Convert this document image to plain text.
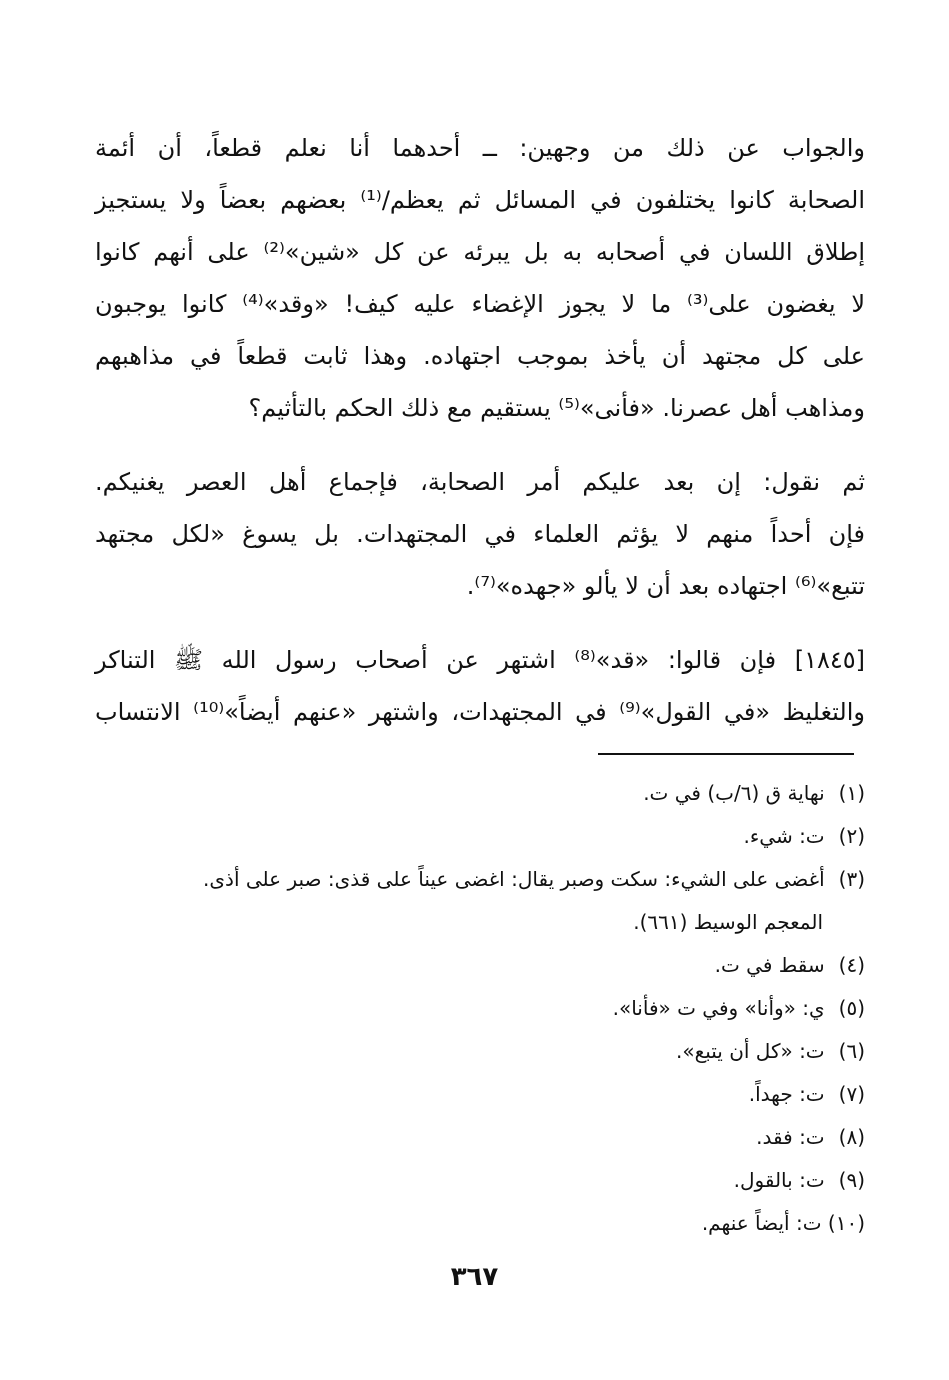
والجواب عن ذلك من وجهين: ــ أحدهما أنا نعلم قطعاً، أن أئمة
الصحابة كانوا يختلفون في المسائل ثم يعظم/⁽¹⁾ بعضهم بعضاً ولا يستجيز
إطلاق اللسان في أصحابه به بل يبرئه عن كل «شين»⁽²⁾ على أنهم كانوا
لا يغضون على⁽³⁾ ما لا يجوز الإغضاء عليه كيف! «وقد»⁽⁴⁾ كانوا يوجبون
على كل مجتهد أن يأخذ بموجب اجتهاده. وهذا ثابت قطعاً في مذاهبهم
ومذاهب أهل عصرنا. «فأنى»⁽⁵⁾ يستقيم مع ذلك الحكم بالتأثيم؟
ثم نقول: إن بعد عليكم أمر الصحابة، فإجماع أهل العصر يغنيكم.
فإن أحداً منهم لا يؤثم العلماء في المجتهدات. بل يسوغ «لكل مجتهد
تتبع»⁽⁶⁾ اجتهاده بعد أن لا يألو «جهده»⁽⁷⁾.
[١٨٤٥] فإن قالوا: «قد»⁽⁸⁾ اشتهر عن أصحاب رسول الله ﷺ التناكر
والتغليظ «في القول»⁽⁹⁾ في المجتهدات، واشتهر «عنهم أيضاً»⁽¹⁰⁾ الانتساب
(١) نهاية ق (٦/ب) في ت.
(٢) ت: شيء.
(٣) أغضى على الشيء: سكت وصبر يقال: اغضى عيناً على قذى: صبر على أذى.
المعجم الوسيط (٦٦١).
(٤) سقط في ت.
(٥) ي: «وأنا» وفي ت «فأنا».
(٦) ت: «كل أن يتبع».
(٧) ت: جهداً.
(٨) ت: فقد.
(٩) ت: بالقول.
(١٠) ت: أيضاً عنهم.
٣٦٧
